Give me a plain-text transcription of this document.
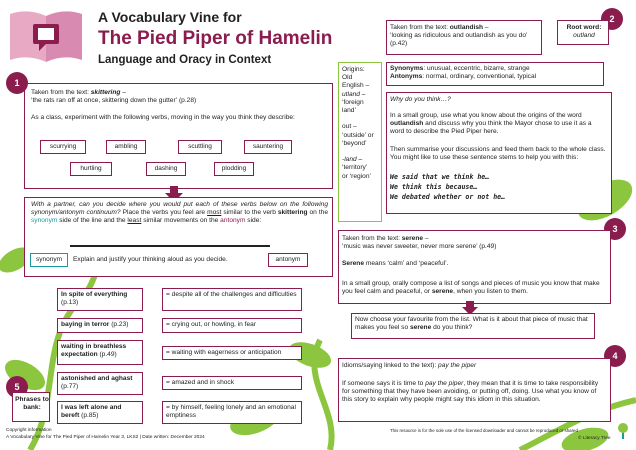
A Vocabulary Vine for
The Pied Piper of Hamelin
Language and Oracy in Context
1
Taken from the text: skittering –
‘the rats ran off at once, skittering down the gutter’ (p.28)
As a class, experiment with the following verbs, moving in the way you think they describe:
scurrying	ambling	scuttling	sauntering
hurtling	dashing	plodding
With a partner, can you decide where you would put each of these verbs below on the following synonym/antonym continuum? Place the verbs you feel are most similar to the verb skittering on the synonym side of the line and the least similar movements on the antonym side:
synonym	Explain and justify your thinking aloud as you decide.	antonym
5
Phrases to bank:
In spite of everything
(p.13)
= despite all of the challenges and difficulties
baying in terror (p.23)	= crying out, or howling, in fear
waiting in breathless expectation (p.49)	= waiting with eagerness or anticipation
astonished and aghast
(p.77)
= amazed and in shock
I was left alone and bereft (p.85)
= by himself, feeling lonely and an emotional emptiness
Copyright information
A Vocabulary Vine for The Pied Piper of Hamelin Year 3, LKS2 | Date written: December 2024
2
Taken from the text: outlandish –
‘looking as ridiculous and outlandish as you do’ (p.42)
Root word:
outland
Origins:
Old
English –
utland –
‘foreign
land’

out –
‘outside’ or
‘beyond’

-land –
‘territory’
or ‘region’
Synonyms: unusual, eccentric, bizarre, strange
Antonyms: normal, ordinary, conventional, typical
Why do you think…?
In a small group, use what you know about the origins of the word outlandish and discuss why you think the Mayor chose to use it as a word to describe the Pied Piper here.
Then summarise your discussions and feed them back to the whole class. You might like to use these sentence stems to help you with this:
We said that we think he…
We think this because…
We debated whether or not he…
3
Taken from the text: serene –
‘music was never sweeter, never more serene’ (p.49)
Serene means ‘calm’ and ‘peaceful’.
In a small group, orally compose a list of songs and pieces of music you know that make you feel calm and peaceful, or serene, when you listen to them.
Now choose your favourite from the list. What is it about that piece of music that makes you feel so serene do you think?
4
Idioms/saying linked to the text): pay the piper
If someone says it is time to pay the piper, they mean that it is time to take responsibility for something that they have been avoiding, or putting off, doing. Use what you know of this story to explain why people might say this idiom in this situation.
This resource is for the sole use of the licensed downloader and cannot be reproduced or shared
© Literacy Tree
